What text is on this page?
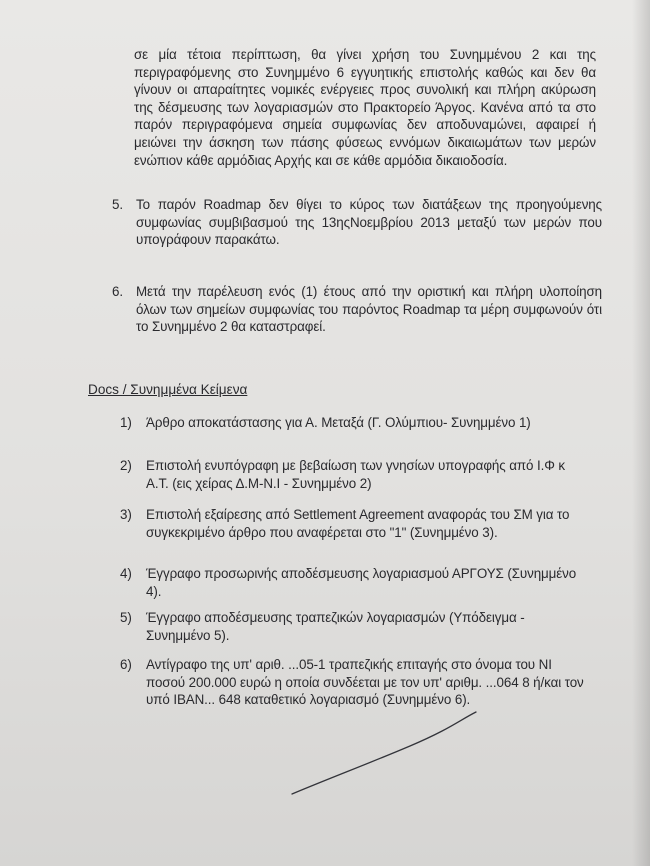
σε μία τέτοια περίπτωση, θα γίνει χρήση του Συνημμένου 2 και της περιγραφόμενης στο Συνημμένο 6 εγγυητικής επιστολής καθώς και δεν θα γίνουν οι απαραίτητες νομικές ενέργειες προς συνολική και πλήρη ακύρωση της δέσμευσης των λογαριασμών στο Πρακτορείο Άργος. Κανένα από τα στο παρόν περιγραφόμενα σημεία συμφωνίας δεν αποδυναμώνει, αφαιρεί ή μειώνει την άσκηση των πάσης φύσεως εννόμων δικαιωμάτων των μερών ενώπιον κάθε αρμόδιας Αρχής και σε κάθε αρμόδια δικαιοδοσία.
5. Το παρόν Roadmap δεν θίγει το κύρος των διατάξεων της προηγούμενης συμφωνίας συμβιβασμού της 13ηςΝοεμβρίου 2013 μεταξύ των μερών που υπογράφουν παρακάτω.
6. Μετά την παρέλευση ενός (1) έτους από την οριστική και πλήρη υλοποίηση όλων των σημείων συμφωνίας του παρόντος Roadmap τα μέρη συμφωνούν ότι το Συνημμένο 2 θα καταστραφεί.
Docs / Συνημμένα Κείμενα
1)	Άρθρο αποκατάστασης για Α. Μεταξά (Γ. Ολύμπιου- Συνημμένο 1)
2)	Επιστολή ενυπόγραφη με βεβαίωση των γνησίων υπογραφής από Ι.Φ κ Α.Τ. (εις χείρας Δ.Μ-Ν.Ι - Συνημμένο 2)
3)	Επιστολή εξαίρεσης από Settlement Agreement αναφοράς του ΣΜ για το συγκεκριμένο άρθρο που αναφέρεται στο "1" (Συνημμένο 3).
4)	Έγγραφο προσωρινής αποδέσμευσης λογαριασμού ΑΡΓΟΥΣ (Συνημμένο 4).
5)	Έγγραφο αποδέσμευσης τραπεζικών λογαριασμών (Υπόδειγμα - Συνημμένο 5).
6)	Αντίγραφο της υπ' αριθ. ...05-1 τραπεζικής επιταγής στο όνομα του ΝΙ ποσού 200.000 ευρώ η οποία συνδέεται με τον υπ' αριθμ. ...064 8 ή/και τον υπό IBAN... 648 καταθετικό λογαριασμό (Συνημμένο 6).
